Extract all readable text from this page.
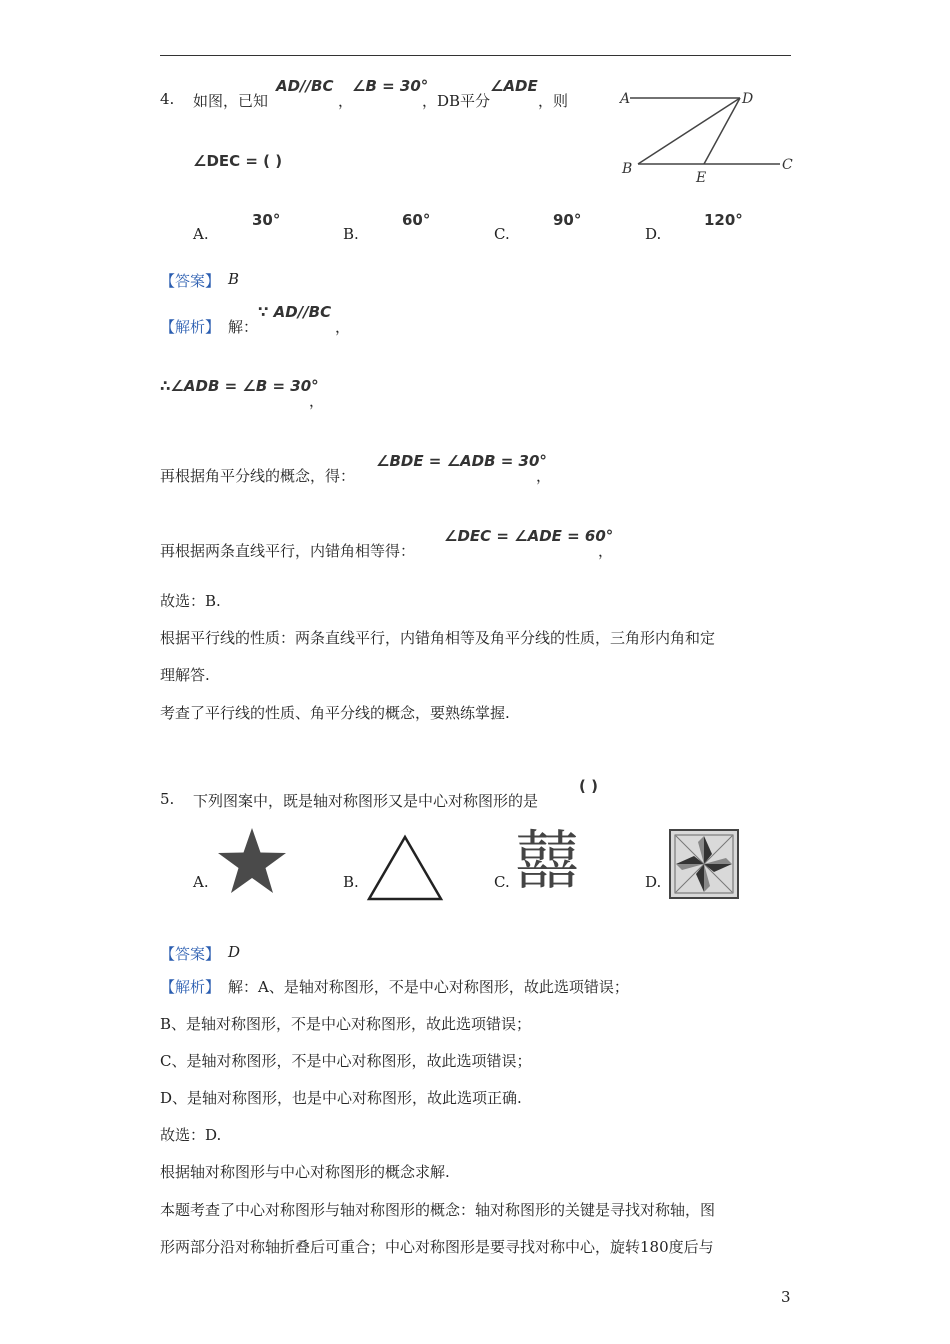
4. 如图，已知
AD//BC
，
∠B = 30°
， DB平分
∠ADE
，则
∠DEC = ( )
A	D
B
E
C
A.
30°
B.
60°
C.
90°
D.
120°
【答案】 B
【解析】 解：
∵ AD//BC
，
∴∠ADB = ∠B = 30°
，
再根据角平分线的概念，得：
∠BDE = ∠ADB = 30°
，
再根据两条直线平行，内错角相等得：
∠DEC = ∠ADE = 60°
，
故选：B.
根据平行线的性质：两条直线平行，内错角相等及角平分线的性质，三角形内角和定
理解答.
考查了平行线的性质、角平分线的概念，要熟练掌握.
5. 下列图案中，既是轴对称图形又是中心对称图形的是
( )
A.	B.	C. 囍	D.
【答案】 D
【解析】 解：A、是轴对称图形，不是中心对称图形，故此选项错误；
B、是轴对称图形，不是中心对称图形，故此选项错误；
C、是轴对称图形，不是中心对称图形，故此选项错误；
D、是轴对称图形，也是中心对称图形，故此选项正确.
故选：D.
根据轴对称图形与中心对称图形的概念求解.
本题考查了中心对称图形与轴对称图形的概念：轴对称图形的关键是寻找对称轴，图
形两部分沿对称轴折叠后可重合；中心对称图形是要寻找对称中心，旋转180度后与
3
